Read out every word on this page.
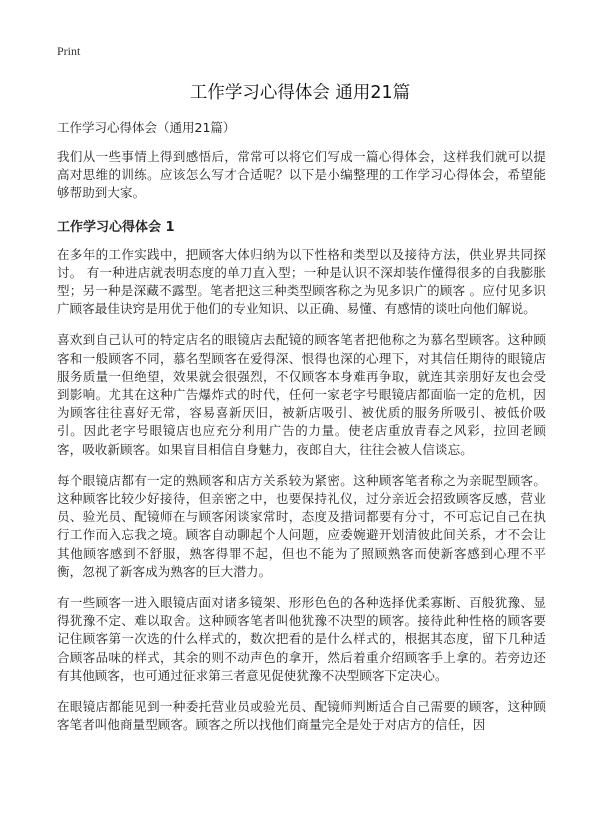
Print
工作学习心得体会 通用21篇

工作学习心得体会（通用21篇）

我们从一些事情上得到感悟后，常常可以将它们写成一篇心得体会，这样我们就可以提高对思维的训练。应该怎么写才合适呢？以下是小编整理的工作学习心得体会，希望能够帮助到大家。

工作学习心得体会 1

在多年的工作实践中，把顾客大体归纳为以下性格和类型以及接待方法，供业界共同探讨。 有一种进店就表明态度的单刀直入型；一种是认识不深却装作懂得很多的自我膨胀型；另一种是深藏不露型。笔者把这三种类型顾客称之为见多识广的顾客 。应付见多识广顾客最佳诀窍是用优于他们的专业知识、以正确、易懂、有感情的谈吐向他们解说。

喜欢到自己认可的特定店名的眼镜店去配镜的顾客笔者把他称之为慕名型顾客。这种顾客和一般顾客不同，慕名型顾客在爱得深、恨得也深的心理下，对其信任期待的眼镜店服务质量一但绝望，效果就会很强烈，不仅顾客本身难再争取，就连其亲朋好友也会受到影响。尤其在这种广告爆炸式的时代，任何一家老字号眼镜店都面临一定的危机，因为顾客往往喜好无常，容易喜新厌旧，被新店吸引、被优质的服务所吸引、被低价吸引。因此老字号眼镜店也应充分利用广告的力量。使老店重放青春之风彩，拉回老顾客，吸收新顾客。如果盲目相信自身魅力，夜郎自大，往往会被人信谈忘。

每个眼镜店都有一定的熟顾客和店方关系较为紧密。这种顾客笔者称之为亲昵型顾客。这种顾客比较少好接待，但亲密之中，也要保持礼仪，过分亲近会招致顾客反感，营业员、验光员、配镜师在与顾客闲谈家常时，态度及措词都要有分寸，不可忘记自己在执行工作而入忘我之境。顾客自动聊起个人问题，应委婉避开划清彼此间关系，才不会让其他顾客感到不舒服，熟客得罪不起，但也不能为了照顾熟客而使新客感到心理不平衡，忽视了新客成为熟客的巨大潜力。

有一些顾客一进入眼镜店面对诸多镜架、形形色色的各种选择优柔寡断、百般犹豫、显得犹豫不定、难以取舍。这种顾客笔者叫他犹豫不决型的顾客。接待此种性格的顾客要记住顾客第一次选的什么样式的，数次把看的是什么样式的，根据其态度，留下几种适合顾客品味的样式，其余的则不动声色的拿开，然后着重介绍顾客手上拿的。若旁边还有其他顾客，也可通过征求第三者意见促使犹豫不决型顾客下定决心。

在眼镜店都能见到一种委托营业员或验光员、配镜师判断适合自己需要的顾客，这种顾客笔者叫他商量型顾客。顾客之所以找他们商量完全是处于对店方的信任，因
